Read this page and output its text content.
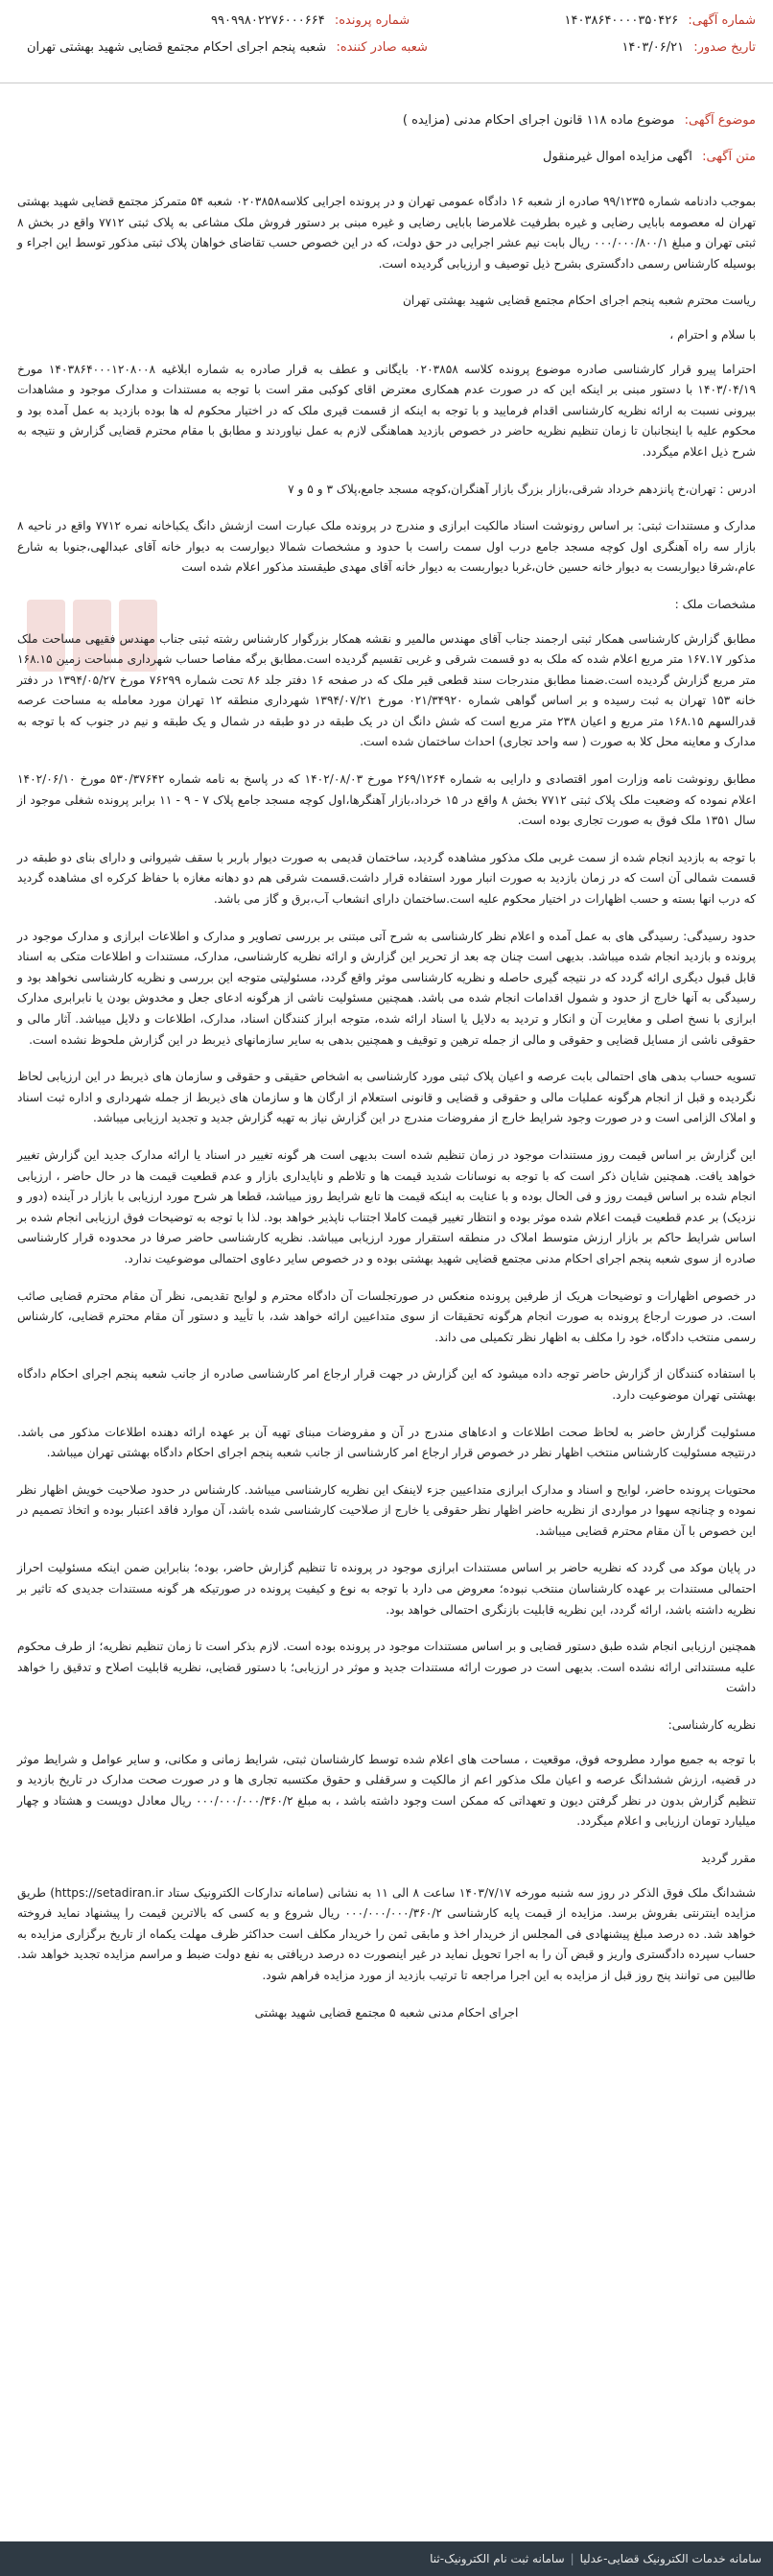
شماره آگهی: ۱۴۰۳۸۶۴۰۰۰۰۳۵۰۴۲۶
شماره پرونده: ۹۹۰۹۹۸۰۲۲۷۶۰۰۰۶۶۴
تاریخ صدور: ۱۴۰۳/۰۶/۲۱
شعبه صادر کننده: شعبه پنجم اجرای احکام مجتمع قضایی شهید بهشتی تهران
موضوع آگهی: موضوع ماده ۱۱۸ قانون اجرای احکام مدنی (مزایده )
متن آگهی: اگهی مزایده اموال غیرمنقول

بموجب دادنامه شماره ۹۹/۱۲۳۵ صادره از شعبه ۱۶ دادگاه عمومی تهران و در پرونده اجرایی کلاسه۰۲۰۳۸۵۸ شعبه ۵۴ متمرکز مجتمع قضایی شهید بهشتی تهران له معصومه بابایی رضایی و غیره بطرفیت غلامرضا بابایی رضایی و غیره مبنی بر دستور فروش ملک مشاعی به پلاک ثبتی ۷۷۱۲ واقع در بخش ۸ ثبتی تهران و مبلغ ۰۰۰/۰۰۰/۸۰۰/۱ ریال بابت نیم عشر اجرایی در حق دولت، که در این خصوص حسب تقاضای خواهان پلاک ثبتی مذکور توسط این اجراء و بوسیله کارشناس رسمی دادگستری بشرح ذیل توصیف و ارزیابی گردیده است.

ریاست محترم شعبه پنجم اجرای احکام مجتمع قضایی شهید بهشتی تهران

با سلام و احترام ،

احتراما پیرو قرار کارشناسی صادره موضوع پرونده کلاسه ۰۲۰۳۸۵۸ بایگانی و عطف به قرار صادره به شماره ابلاغیه ۱۴۰۳۸۶۴۰۰۰۱۲۰۸۰۰۸ مورخ ۱۴۰۳/۰۴/۱۹ با دستور مبنی بر اینکه این که در صورت عدم همکاری معترض اقای کوکبی مقر است با توجه به مستندات و مدارک موجود و مشاهدات بیرونی نسبت به ارائه نظریه کارشناسی اقدام فرمایید و با توجه به اینکه از قسمت قیری ملک که در اختیار محکوم له ها بوده بازدید به عمل آمده بود و محکوم علیه با اینجانبان تا زمان تنظیم نظریه حاضر در خصوص بازدید هماهنگی لازم به عمل نیاوردند و مطابق با مقام محترم قضایی گزارش و نتیجه به شرح ذیل اعلام میگردد.

ادرس : تهران،خ پانزدهم خرداد شرقی،بازار بزرگ بازار آهنگران،کوچه مسجد جامع،پلاک ۳ و ۵ و ۷

مدارک و مستندات ثبتی: بر اساس رونوشت اسناد مالکیت ابرازی و مندرج در پرونده ملک عبارت است ازشش دانگ یکباخانه نمره ۷۷۱۲ واقع در ناحیه ۸ بازار سه راه آهنگری اول کوچه مسجد جامع درب اول سمت راست با حدود و مشخصات شمالا دیوارست به دیوار خانه آقای عبدالهی،جنوبا به شارع عام،شرقا دیواربست به دیوار خانه حسین خان،غربا دیواربست به دیوار خانه آقای مهدی طیقستد مذکور اعلام شده است

مشخصات ملک :

مطابق گزارش کارشناسی همکار ثبتی ارجمند جناب آقای مهندس مالمیر و نقشه همکار بزرگوار کارشناس رشته ثبتی جناب مهندس فقیهی مساحت ملک مذکور ۱۶۷.۱۷ متر مربع اعلام شده که ملک به دو قسمت شرقی و غربی تقسیم گردیده است.مطابق برگه مفاصا حساب شهرداری مساحت زمین ۱۶۸.۱۵ متر مربع گزارش گردیده است.ضمنا مطابق مندرجات سند قطعی قیر ملک که در صفحه ۱۶ دفتر جلد ۸۶ تحت شماره ۷۶۲۹۹ مورخ ۱۳۹۴/۰۵/۲۷ در دفتر خانه ۱۵۳ تهران به ثبت رسیده و بر اساس گواهی شماره ۰۲۱/۳۴۹۲۰ مورخ ۱۳۹۴/۰۷/۲۱ شهرداری منطقه ۱۲ تهران مورد معامله به مساحت عرصه قدرالسهم ۱۶۸.۱۵ متر مربع و اعیان ۲۳۸ متر مربع است که شش دانگ ان در یک طبقه در دو طبقه در شمال و یک طبقه و نیم در جنوب که با توجه به مدارک و معاینه محل کلا به صورت ( سه واحد تجاری) احداث ساختمان شده است.

مطابق رونوشت نامه وزارت امور اقتصادی و دارایی به شماره ۲۶۹/۱۲۶۴ مورخ ۱۴۰۲/۰۸/۰۳ که در پاسخ به نامه شماره ۵۳۰/۳۷۶۴۲ مورخ ۱۴۰۲/۰۶/۱۰ اعلام نموده که وضعیت ملک پلاک ثبتی ۷۷۱۲ بخش ۸ واقع در ۱۵ خرداد،بازار آهنگرها،اول کوچه مسجد جامع پلاک ۷ - ۹ - ۱۱ برابر پرونده شغلی موجود از سال ۱۳۵۱ ملک فوق به صورت تجاری بوده است.

با توجه به بازدید انجام شده از سمت غربی ملک مذکور مشاهده گردید، ساختمان قدیمی به صورت دیوار باربر با سقف شیروانی و دارای بنای دو طبقه در قسمت شمالی آن است که در زمان بازدید به صورت انبار مورد استفاده قرار داشت.قسمت شرقی هم دو دهانه مغازه با حفاظ کرکره ای مشاهده گردید که درب انها بسته و حسب اظهارات در اختیار محکوم علیه است.ساختمان دارای انشعاب آب،برق و گاز می باشد.

حدود رسیدگی: رسیدگی های به عمل آمده و اعلام نظر کارشناسی به شرح آتی مبتنی بر بررسی تصاویر و مدارک و اطلاعات ابرازی و مدارک موجود در پرونده و بازدید انجام شده میباشد. بدیهی است چنان چه بعد از تحریر این گزارش و ارائه نظریه کارشناسی، مدارک، مستندات و اطلاعات متکی به اسناد قابل قبول دیگری ارائه گردد که در نتیجه گیری حاصله و نظریه کارشناسی موثر واقع گردد، مسئولیتی متوجه این بررسی و نظریه کارشناسی نخواهد بود و رسیدگی به آنها خارج از حدود و شمول اقدامات انجام شده می باشد. همچنین مسئولیت ناشی از هرگونه ادعای جعل و مخدوش بودن یا نابرابری مدارک ابرازی با نسخ اصلی و مغایرت آن و انکار و تردید به دلایل یا اسناد ارائه شده، متوجه ابراز کنندگان اسناد، مدارک، اطلاعات و دلایل میباشد. آثار مالی و حقوقی ناشی از مسایل قضایی و حقوقی و مالی از جمله ترهین و توقیف و همچنین بدهی به سایر سازمانهای ذیربط در این گزارش ملحوظ نشده است.

تسویه حساب بدهی های احتمالی بابت عرصه و اعیان پلاک ثبتی مورد کارشناسی به اشخاص حقیقی و حقوقی و سازمان های ذیربط در این ارزیابی لحاظ نگردیده و قبل از انجام هرگونه عملیات مالی و حقوقی و قضایی و قانونی استعلام از ارگان ها و سازمان های ذیربط از جمله شهرداری و اداره ثبت اسناد و املاک الزامی است و در صورت وجود شرایط خارج از مفروضات مندرج در این گزارش نیاز به تهیه گزارش جدید و تجدید ارزیابی میباشد.

این گزارش بر اساس قیمت روز مستندات موجود در زمان تنظیم شده است بدیهی است هر گونه تغییر در اسناد یا ارائه مدارک جدید این گزارش تغییر خواهد یافت. همچنین شایان ذکر است که با توجه به نوسانات شدید قیمت ها و تلاطم و ناپایداری بازار و عدم قطعیت قیمت ها در حال حاضر ، ارزیابی انجام شده بر اساس قیمت روز و فی الحال بوده و با عنایت به اینکه قیمت ها تابع شرایط روز میباشد، قطعا هر شرح مورد ارزیابی با بازار در آینده (دور و نزدیک) بر عدم قطعیت قیمت اعلام شده موثر بوده و انتظار تغییر قیمت کاملا اجتناب ناپذیر خواهد بود. لذا با توجه به توضیحات فوق ارزیابی انجام شده بر اساس شرایط حاکم بر بازار ارزش متوسط املاک در منطقه استقرار مورد ارزیابی میباشد. نظریه کارشناسی حاضر صرفا در محدوده قرار کارشناسی صادره از سوی شعبه پنجم اجرای احکام مدنی مجتمع قضایی شهید بهشتی بوده و در خصوص سایر دعاوی احتمالی موضوعیت ندارد.

در خصوص اظهارات و توضیحات هریک از طرفین پرونده منعکس در صورتجلسات آن دادگاه محترم و لوایح تقدیمی، نظر آن مقام محترم قضایی صائب است. در صورت ارجاع پرونده به صورت انجام هرگونه تحقیقات از سوی متداعیین ارائه خواهد شد، با تأیید و دستور آن مقام محترم قضایی، کارشناس رسمی منتخب دادگاه، خود را مکلف به اظهار نظر تکمیلی می داند.

با استفاده کنندگان از گزارش حاضر توجه داده میشود که این گزارش در جهت قرار ارجاع امر کارشناسی صادره از جانب شعبه پنجم اجرای احکام دادگاه بهشتی تهران موضوعیت دارد.

مسئولیت گزارش حاضر به لحاظ صحت اطلاعات و ادعاهای مندرج در آن و مفروضات مبنای تهیه آن بر عهده ارائه دهنده اطلاعات مذکور می باشد. درنتیجه مسئولیت کارشناس منتخب اظهار نظر در خصوص قرار ارجاع امر کارشناسی از جانب شعبه پنجم اجرای احکام دادگاه بهشتی تهران میباشد.

محتویات پرونده حاضر، لوایح و اسناد و مدارک ابرازی متداعیین جزء لاینفک این نظریه کارشناسی میباشد. کارشناس در حدود صلاحیت خویش اظهار نظر نموده و چنانچه سهوا در مواردی از نظریه حاضر اظهار نظر حقوقی یا خارج از صلاحیت کارشناسی شده باشد، آن موارد فاقد اعتبار بوده و اتخاذ تصمیم در این خصوص با آن مقام محترم قضایی میباشد.

در پایان موکد می گردد که نظریه حاضر بر اساس مستندات ابرازی موجود در پرونده تا تنظیم گزارش حاضر، بوده؛ بنابراین ضمن اینکه مسئولیت احراز احتمالی مستندات بر عهده کارشناسان منتخب نبوده؛ معروض می دارد با توجه به نوع و کیفیت پرونده در صورتیکه هر گونه مستندات جدیدی که تاثیر بر نظریه داشته باشد، ارائه گردد، این نظریه قابلیت بازنگری احتمالی خواهد بود.

همچنین ارزیابی انجام شده طبق دستور قضایی و بر اساس مستندات موجود در پرونده بوده است. لازم بذکر است تا زمان تنظیم نظریه؛ از طرف محکوم علیه مستنداتی ارائه نشده است. بدیهی است در صورت ارائه مستندات جدید و موثر در ارزیابی؛ با دستور قضایی، نظریه قابلیت اصلاح و تدقیق را خواهد داشت

نظریه کارشناسی:

با توجه به جمیع موارد مطروحه فوق، موقعیت ، مساحت های اعلام شده توسط کارشناسان ثبتی، شرایط زمانی و مکانی، و سایر عوامل و شرایط موثر در قضیه، ارزش ششدانگ عرصه و اعیان ملک مذکور اعم از مالکیت و سرقفلی و حقوق مکتسبه تجاری ها و در صورت صحت مدارک در تاریخ بازدید و تنظیم گزارش بدون در نظر گرفتن دیون و تعهداتی که ممکن است وجود داشته باشد ، به مبلغ ۰۰۰/۰۰۰/۰۰۰/۳۶۰/۲ ریال معادل دویست و هشتاد و چهار میلیارد تومان ارزیابی و اعلام میگردد.

مقرر گردید

ششدانگ ملک فوق الذکر در روز سه شنبه مورخه ۱۴۰۳/۷/۱۷ ساعت ۸ الی ۱۱ به نشانی (سامانه تدارکات الکترونیک ستاد https://setadiran.ir) طریق مزایده اینترنتی بفروش برسد. مزایده از قیمت پایه کارشناسی ۰۰۰/۰۰۰/۰۰۰/۳۶۰/۲ ریال شروع و به کسی که بالاترین قیمت را پیشنهاد نماید فروخته خواهد شد. ده درصد مبلغ پیشنهادی فی المجلس از خریدار اخذ و مابقی ثمن را خریدار مکلف است حداکثر ظرف مهلت یکماه از تاریخ برگزاری مزایده به حساب سپرده دادگستری واریز و قبض آن را به اجرا تحویل نماید در غیر اینصورت ده درصد دریافتی به نفع دولت ضبط و مراسم مزایده تجدید خواهد شد. طالبین می توانند پنج روز قبل از مزایده به این اجرا مراجعه تا ترتیب بازدید از مورد مزایده فراهم شود.

اجرای احکام مدنی شعبه ۵ مجتمع قضایی شهید بهشتی

سامانه خدمات الکترونیک قضایی-عدلیا
|
سامانه ثبت نام الکترونیک-ثنا
